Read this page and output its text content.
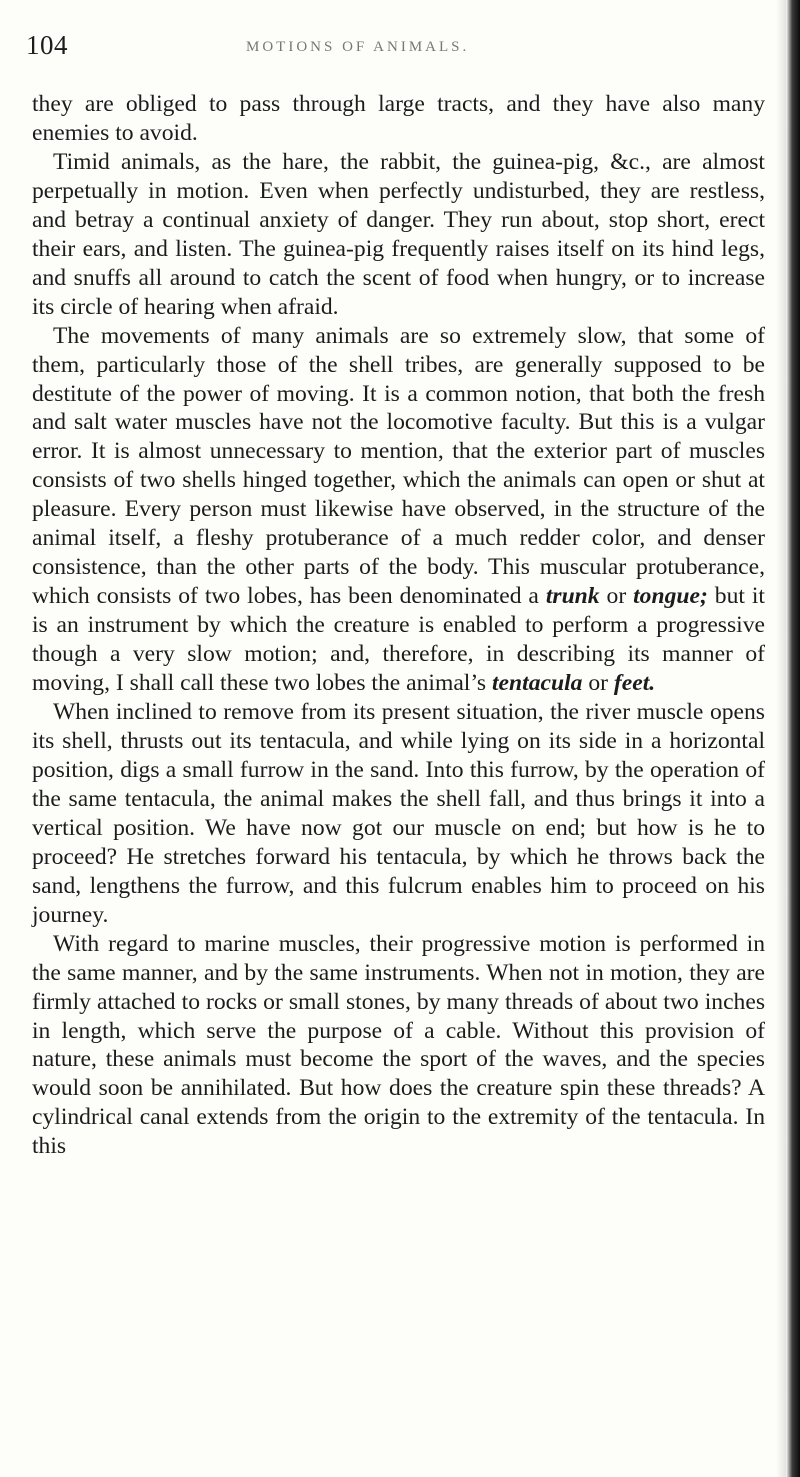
104	MOTIONS OF ANIMALS.

they are obliged to pass through large tracts, and they have also many enemies to avoid.

Timid animals, as the hare, the rabbit, the guinea-pig, &c., are almost perpetually in motion. Even when perfectly undisturbed, they are restless, and betray a continual anxiety of danger. They run about, stop short, erect their ears, and listen. The guinea-pig frequently raises itself on its hind legs, and snuffs all around to catch the scent of food when hungry, or to increase its circle of hearing when afraid.

The movements of many animals are so extremely slow, that some of them, particularly those of the shell tribes, are generally supposed to be destitute of the power of moving. It is a common notion, that both the fresh and salt water muscles have not the locomotive faculty. But this is a vulgar error. It is almost unnecessary to mention, that the exterior part of muscles consists of two shells hinged together, which the animals can open or shut at pleasure. Every person must likewise have observed, in the structure of the animal itself, a fleshy protuberance of a much redder color, and denser consistence, than the other parts of the body. This muscular protuberance, which consists of two lobes, has been denominated a trunk or tongue; but it is an instrument by which the creature is enabled to perform a progressive though a very slow motion; and, therefore, in describing its manner of moving, I shall call these two lobes the animal’s tentacula or feet.

When inclined to remove from its present situation, the river muscle opens its shell, thrusts out its tentacula, and while lying on its side in a horizontal position, digs a small furrow in the sand. Into this furrow, by the operation of the same tentacula, the animal makes the shell fall, and thus brings it into a vertical position. We have now got our muscle on end; but how is he to proceed? He stretches forward his tentacula, by which he throws back the sand, lengthens the furrow, and this fulcrum enables him to proceed on his journey.

With regard to marine muscles, their progressive motion is performed in the same manner, and by the same instruments. When not in motion, they are firmly attached to rocks or small stones, by many threads of about two inches in length, which serve the purpose of a cable. Without this provision of nature, these animals must become the sport of the waves, and the species would soon be annihilated. But how does the creature spin these threads? A cylindrical canal extends from the origin to the extremity of the tentacula. In this
